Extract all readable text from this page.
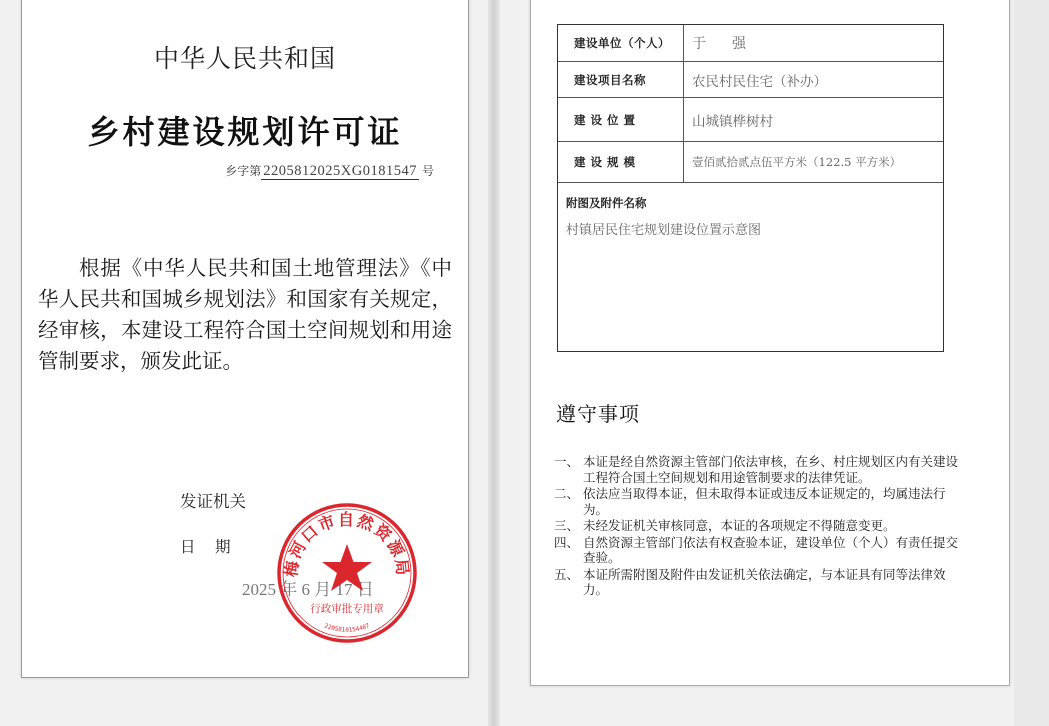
中华人民共和国
乡村建设规划许可证
乡字第 2205812025XG0181547 号
根据《中华人民共和国土地管理法》《中华人民共和国城乡规划法》和国家有关规定，经审核，本建设工程符合国土空间规划和用途管制要求，颁发此证。
发证机关
日　期
2025 年 6 月 17 日
梅河口市自然资源局
行政审批专用章
2205810154467
建设单位（个人）	于　强
建设项目名称	农民村民住宅（补办）
建 设 位 置	山城镇桦树村
建 设 规 模	壹佰贰拾贰点伍平方米（122.5 平方米）
附图及附件名称
村镇居民住宅规划建设位置示意图
遵守事项
一、 本证是经自然资源主管部门依法审核，在乡、村庄规划区内有关建设工程符合国土空间规划和用途管制要求的法律凭证。
二、 依法应当取得本证，但未取得本证或违反本证规定的，均属违法行为。
三、 未经发证机关审核同意，本证的各项规定不得随意变更。
四、 自然资源主管部门依法有权查验本证，建设单位（个人）有责任提交查验。
五、 本证所需附图及附件由发证机关依法确定，与本证具有同等法律效力。
